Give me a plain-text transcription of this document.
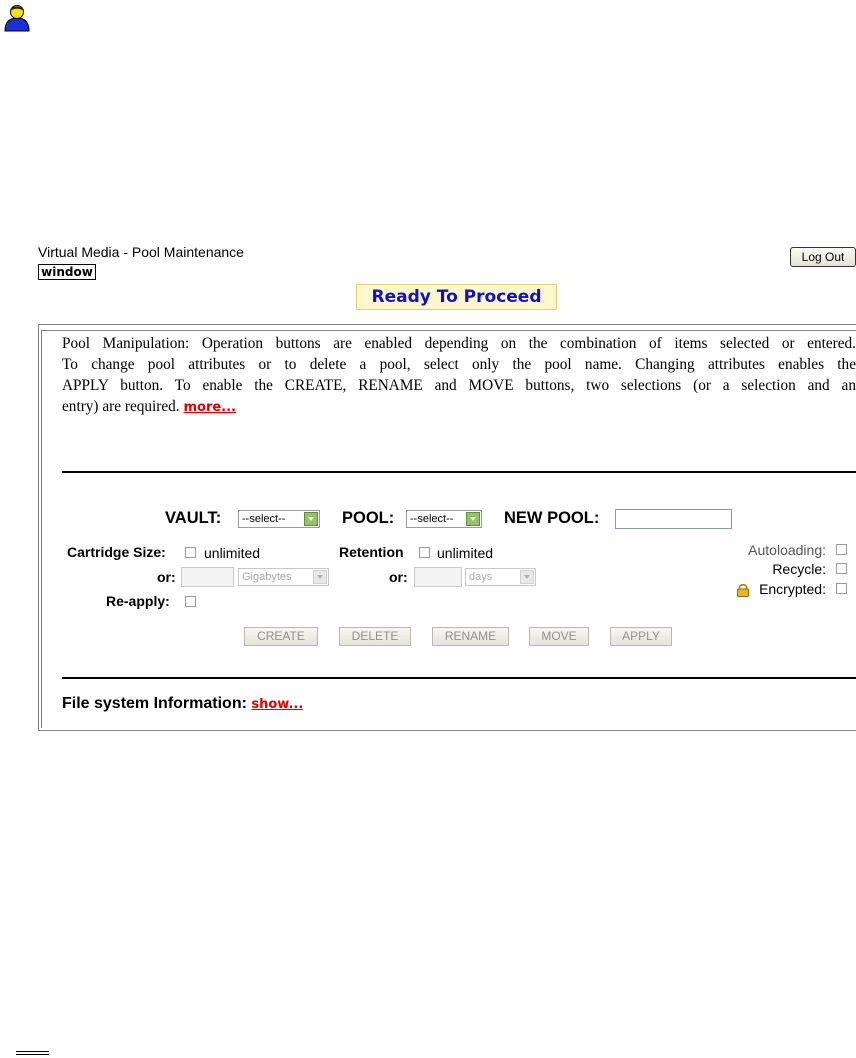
Virtual Media - Pool Maintenance
window
Log Out
Ready To Proceed
Pool Manipulation: Operation buttons are enabled depending on the combination of items selected or entered.
To change pool attributes or to delete a pool, select only the pool name. Changing attributes enables the
APPLY button. To enable the CREATE, RENAME and MOVE buttons, two selections (or a selection and an
entry) are required. more...
VAULT:	--select--	POOL:	--select--	NEW POOL:
Cartridge Size:	unlimited
or:	Gigabytes
Re-apply:
Retention unlimited
or:	days
Autoloading:
Recycle:
Encrypted:
CREATE	DELETE	RENAME	MOVE	APPLY
File system Information: show...
